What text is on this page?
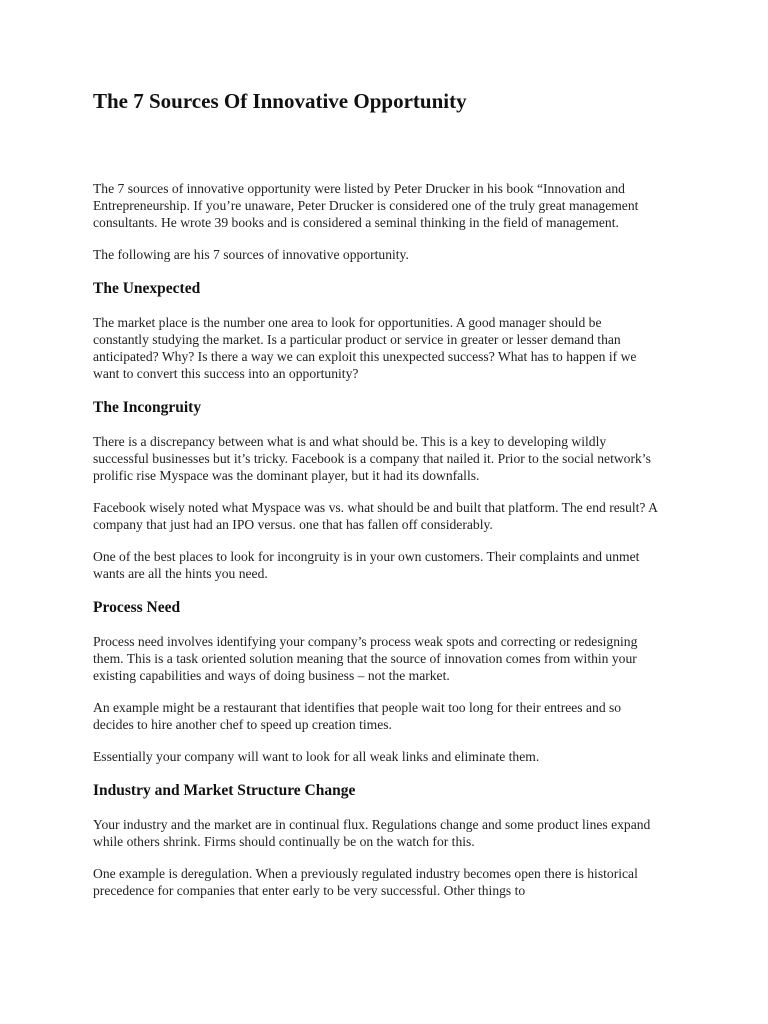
The 7 Sources Of Innovative Opportunity

The 7 sources of innovative opportunity were listed by Peter Drucker in his book “Innovation and Entrepreneurship. If you’re unaware, Peter Drucker is considered one of the truly great management consultants. He wrote 39 books and is considered a seminal thinking in the field of management.

The following are his 7 sources of innovative opportunity.

The Unexpected

The market place is the number one area to look for opportunities. A good manager should be constantly studying the market. Is a particular product or service in greater or lesser demand than anticipated? Why? Is there a way we can exploit this unexpected success? What has to happen if we want to convert this success into an opportunity?

The Incongruity

There is a discrepancy between what is and what should be. This is a key to developing wildly successful businesses but it’s tricky. Facebook is a company that nailed it. Prior to the social network’s prolific rise Myspace was the dominant player, but it had its downfalls.

Facebook wisely noted what Myspace was vs. what should be and built that platform. The end result? A company that just had an IPO versus. one that has fallen off considerably.

One of the best places to look for incongruity is in your own customers. Their complaints and unmet wants are all the hints you need.

Process Need

Process need involves identifying your company’s process weak spots and correcting or redesigning them. This is a task oriented solution meaning that the source of innovation comes from within your existing capabilities and ways of doing business – not the market.

An example might be a restaurant that identifies that people wait too long for their entrees and so decides to hire another chef to speed up creation times.

Essentially your company will want to look for all weak links and eliminate them.

Industry and Market Structure Change

Your industry and the market are in continual flux. Regulations change and some product lines expand while others shrink. Firms should continually be on the watch for this.

One example is deregulation. When a previously regulated industry becomes open there is historical precedence for companies that enter early to be very successful. Other things to
